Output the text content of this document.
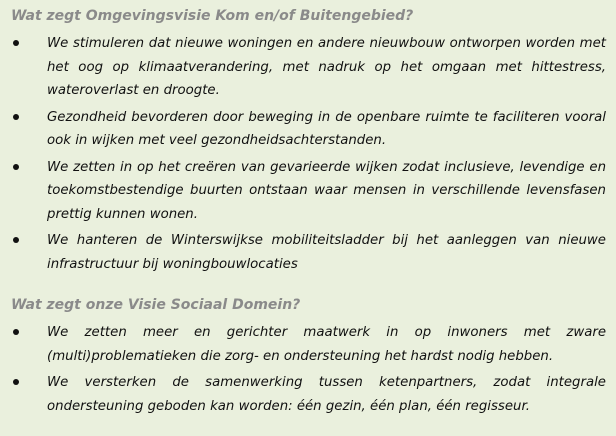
Wat zegt Omgevingsvisie Kom en/of Buitengebied?
We stimuleren dat nieuwe woningen en andere nieuwbouw ontworpen worden met het oog op klimaatverandering, met nadruk op het omgaan met hittestress, wateroverlast en droogte.
Gezondheid bevorderen door beweging in de openbare ruimte te faciliteren vooral ook in wijken met veel gezondheidsachterstanden.
We zetten in op het creëren van gevarieerde wijken zodat inclusieve, levendige en toekomstbestendige buurten ontstaan waar mensen in verschillende levensfasen prettig kunnen wonen.
We hanteren de Winterswijkse mobiliteitsladder bij het aanleggen van nieuwe infrastructuur bij woningbouwlocaties
Wat zegt onze Visie Sociaal Domein?
We zetten meer en gerichter maatwerk in op inwoners met zware (multi)problematieken die zorg- en ondersteuning het hardst nodig hebben.
We versterken de samenwerking tussen ketenpartners, zodat integrale ondersteuning geboden kan worden: één gezin, één plan, één regisseur.
